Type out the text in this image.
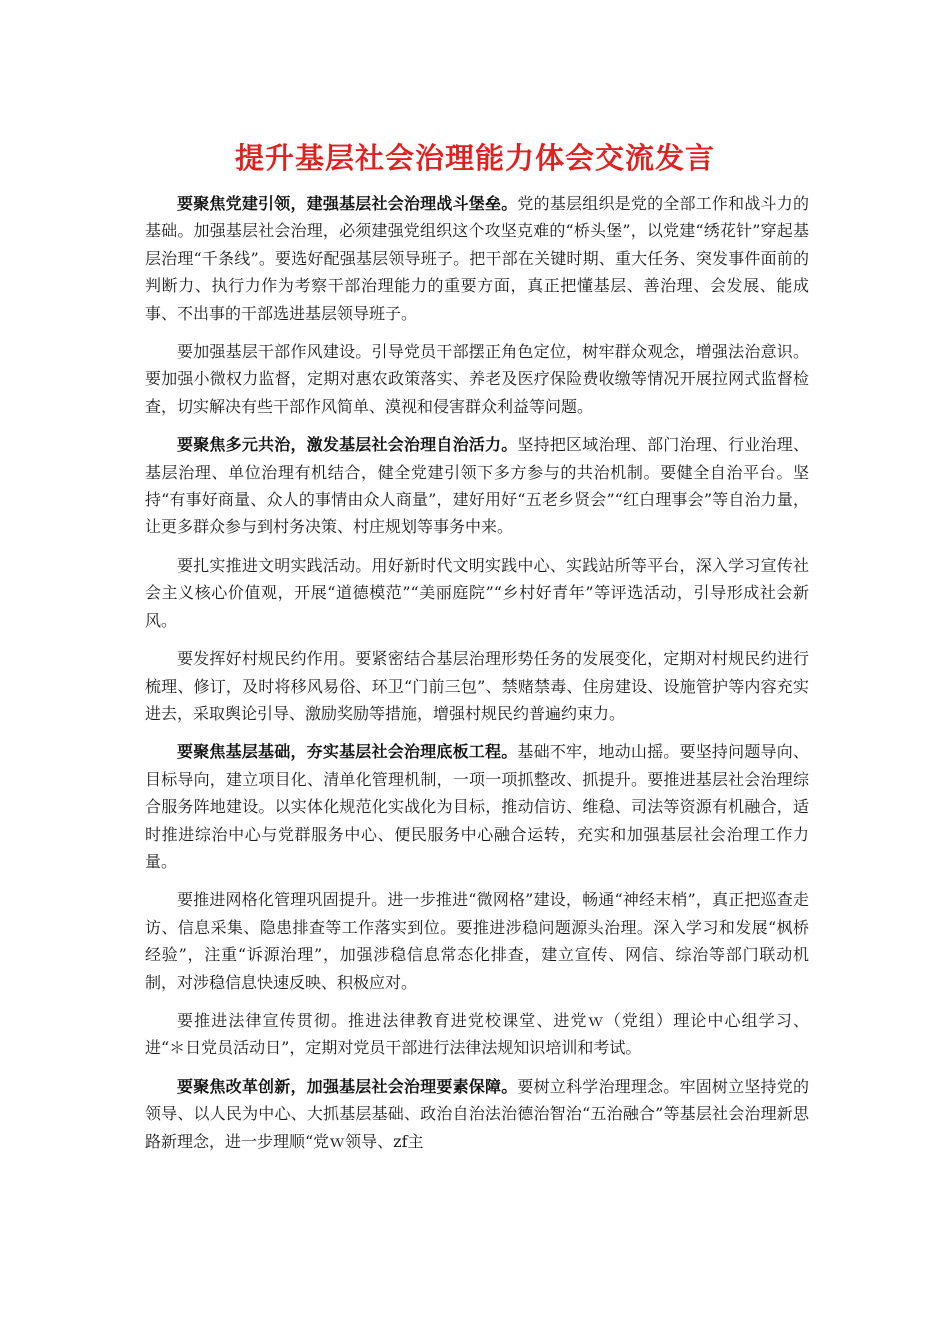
提升基层社会治理能力体会交流发言

要聚焦党建引领，建强基层社会治理战斗堡垒。党的基层组织是党的全部工作和战斗力的基础。加强基层社会治理，必须建强党组织这个攻坚克难的“桥头堡”，以党建“绣花针”穿起基层治理“千条线”。要选好配强基层领导班子。把干部在关键时期、重大任务、突发事件面前的判断力、执行力作为考察干部治理能力的重要方面，真正把懂基层、善治理、会发展、能成事、不出事的干部选进基层领导班子。

要加强基层干部作风建设。引导党员干部摆正角色定位，树牢群众观念，增强法治意识。要加强小微权力监督，定期对惠农政策落实、养老及医疗保险费收缴等情况开展拉网式监督检查，切实解决有些干部作风简单、漠视和侵害群众利益等问题。

要聚焦多元共治，激发基层社会治理自治活力。坚持把区域治理、部门治理、行业治理、基层治理、单位治理有机结合，健全党建引领下多方参与的共治机制。要健全自治平台。坚持“有事好商量、众人的事情由众人商量”，建好用好“五老乡贤会”“红白理事会”等自治力量，让更多群众参与到村务决策、村庄规划等事务中来。

要扎实推进文明实践活动。用好新时代文明实践中心、实践站所等平台，深入学习宣传社会主义核心价值观，开展“道德模范”“美丽庭院”“乡村好青年”等评选活动，引导形成社会新风。

要发挥好村规民约作用。要紧密结合基层治理形势任务的发展变化，定期对村规民约进行梳理、修订，及时将移风易俗、环卫“门前三包”、禁赌禁毒、住房建设、设施管护等内容充实进去，采取舆论引导、激励奖励等措施，增强村规民约普遍约束力。

要聚焦基层基础，夯实基层社会治理底板工程。基础不牢，地动山摇。要坚持问题导向、目标导向，建立项目化、清单化管理机制，一项一项抓整改、抓提升。要推进基层社会治理综合服务阵地建设。以实体化规范化实战化为目标，推动信访、维稳、司法等资源有机融合，适时推进综治中心与党群服务中心、便民服务中心融合运转，充实和加强基层社会治理工作力量。

要推进网格化管理巩固提升。进一步推进“微网格”建设，畅通“神经末梢”，真正把巡查走访、信息采集、隐患排查等工作落实到位。要推进涉稳问题源头治理。深入学习和发展“枫桥经验”，注重“诉源治理”，加强涉稳信息常态化排查，建立宣传、网信、综治等部门联动机制，对涉稳信息快速反映、积极应对。

要推进法律宣传贯彻。推进法律教育进党校课堂、进党ｗ（党组）理论中心组学习、进“＊日党员活动日”，定期对党员干部进行法律法规知识培训和考试。

要聚焦改革创新，加强基层社会治理要素保障。要树立科学治理理念。牢固树立坚持党的领导、以人民为中心、大抓基层基础、政治自治法治德治智治“五治融合”等基层社会治理新思路新理念，进一步理顺“党ｗ领导、zf主
